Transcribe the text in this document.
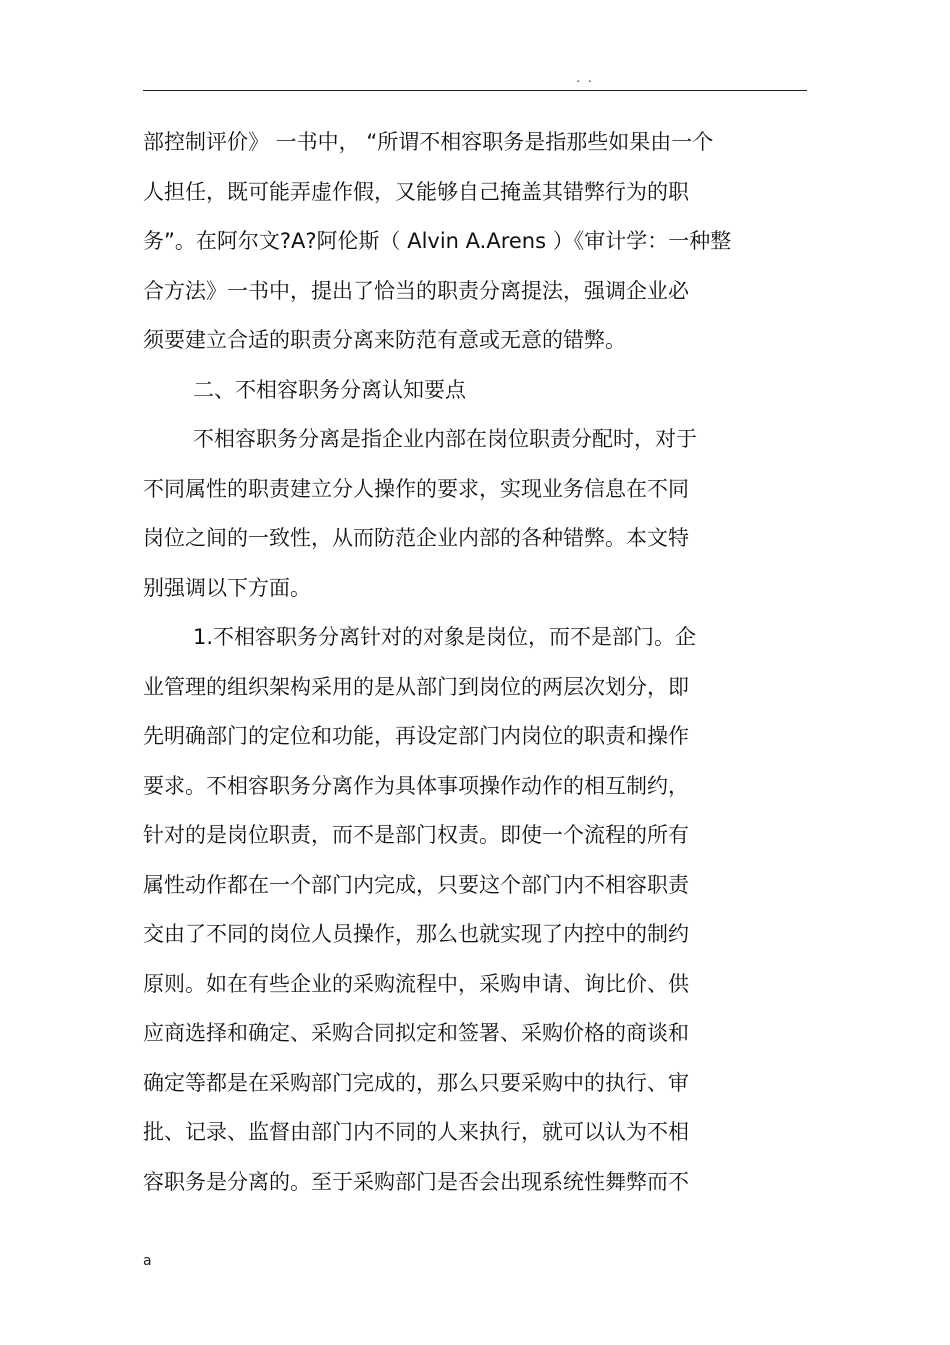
. .
部控制评价》 一书中， “所谓不相容职务是指那些如果由一个
人担任，既可能弄虚作假，又能够自己掩盖其错弊行为的职
务”。在阿尔文?A?阿伦斯（ Alvin A.Arens ）《审计学：一种整
合方法》一书中，提出了恰当的职责分离提法，强调企业必
须要建立合适的职责分离来防范有意或无意的错弊。
二、不相容职务分离认知要点
不相容职务分离是指企业内部在岗位职责分配时，对于
不同属性的职责建立分人操作的要求，实现业务信息在不同
岗位之间的一致性，从而防范企业内部的各种错弊。本文特
别强调以下方面。
1.不相容职务分离针对的对象是岗位，而不是部门。企
业管理的组织架构采用的是从部门到岗位的两层次划分，即
先明确部门的定位和功能，再设定部门内岗位的职责和操作
要求。不相容职务分离作为具体事项操作动作的相互制约，
针对的是岗位职责，而不是部门权责。即使一个流程的所有
属性动作都在一个部门内完成，只要这个部门内不相容职责
交由了不同的岗位人员操作，那么也就实现了内控中的制约
原则。如在有些企业的采购流程中，采购申请、询比价、供
应商选择和确定、采购合同拟定和签署、采购价格的商谈和
确定等都是在采购部门完成的，那么只要采购中的执行、审
批、记录、监督由部门内不同的人来执行，就可以认为不相
容职务是分离的。至于采购部门是否会出现系统性舞弊而不
a
